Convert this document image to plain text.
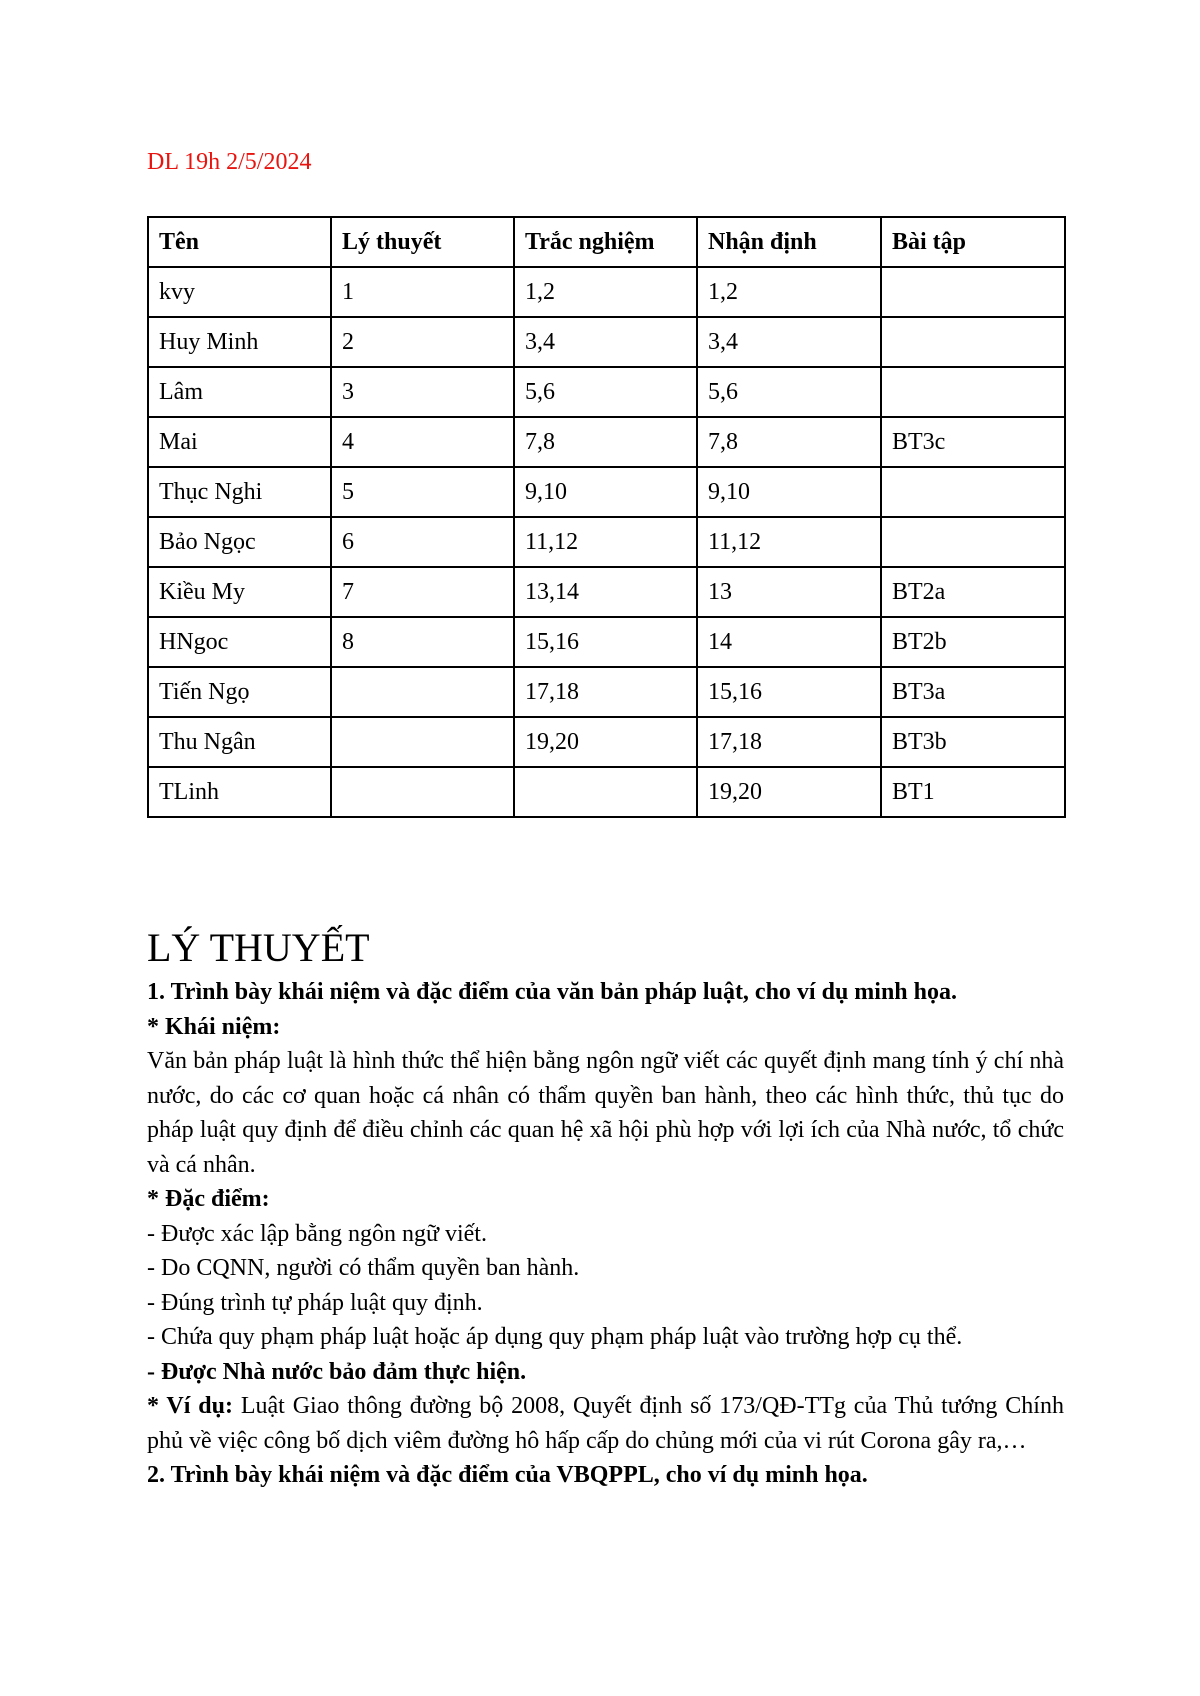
DL 19h 2/5/2024
Tên	Lý thuyết	Trắc nghiệm	Nhận định	Bài tập
kvy	1	1,2	1,2	
Huy Minh	2	3,4	3,4	
Lâm	3	5,6	5,6	
Mai	4	7,8	7,8	BT3c
Thục Nghi	5	9,10	9,10	
Bảo Ngọc	6	11,12	11,12	
Kiều My	7	13,14	13	BT2a
HNgoc	8	15,16	14	BT2b
Tiến Ngọ		17,18	15,16	BT3a
Thu Ngân		19,20	17,18	BT3b
TLinh			19,20	BT1
LÝ THUYẾT

1. Trình bày khái niệm và đặc điểm của văn bản pháp luật, cho ví dụ minh họa.

* Khái niệm:

Văn bản pháp luật là hình thức thể hiện bằng ngôn ngữ viết các quyết định mang tính ý chí nhà nước, do các cơ quan hoặc cá nhân có thẩm quyền ban hành, theo các hình thức, thủ tục do pháp luật quy định để điều chỉnh các quan hệ xã hội phù hợp với lợi ích của Nhà nước, tổ chức và cá nhân.

* Đặc điểm:

- Được xác lập bằng ngôn ngữ viết.

- Do CQNN, người có thẩm quyền ban hành.

- Đúng trình tự pháp luật quy định.

- Chứa quy phạm pháp luật hoặc áp dụng quy phạm pháp luật vào trường hợp cụ thể.

- Được Nhà nước bảo đảm thực hiện.

* Ví dụ: Luật Giao thông đường bộ 2008, Quyết định số 173/QĐ-TTg của Thủ tướng Chính phủ về việc công bố dịch viêm đường hô hấp cấp do chủng mới của vi rút Corona gây ra,…

2. Trình bày khái niệm và đặc điểm của VBQPPL, cho ví dụ minh họa.
